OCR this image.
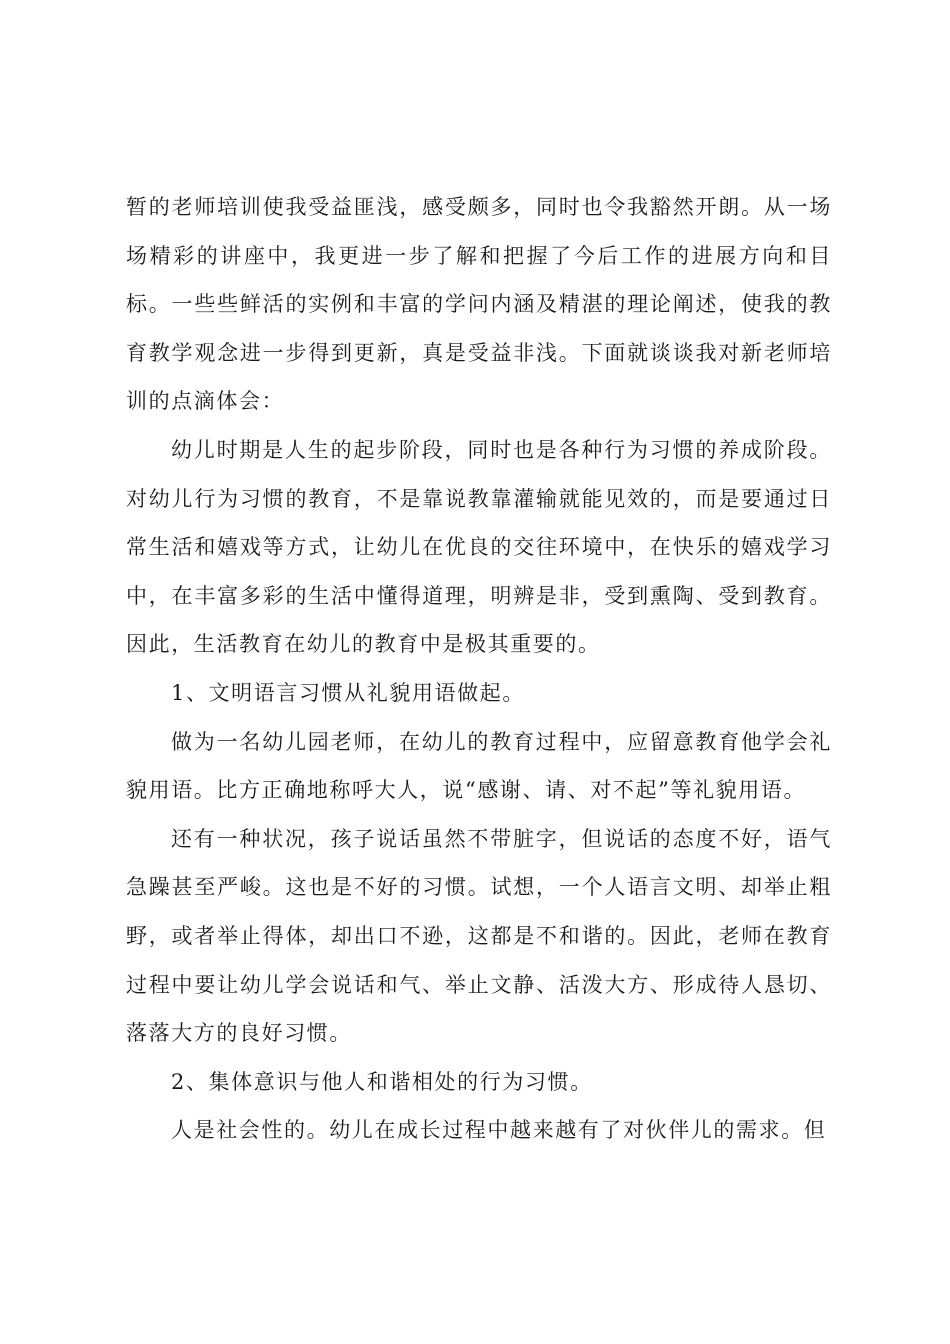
暂的老师培训使我受益匪浅，感受颇多，同时也令我豁然开朗。从一场场精彩的讲座中，我更进一步了解和把握了今后工作的进展方向和目标。一些些鲜活的实例和丰富的学问内涵及精湛的理论阐述，使我的教育教学观念进一步得到更新，真是受益非浅。下面就谈谈我对新老师培训的点滴体会：

幼儿时期是人生的起步阶段，同时也是各种行为习惯的养成阶段。对幼儿行为习惯的教育，不是靠说教靠灌输就能见效的，而是要通过日常生活和嬉戏等方式，让幼儿在优良的交往环境中，在快乐的嬉戏学习中，在丰富多彩的生活中懂得道理，明辨是非，受到熏陶、受到教育。因此，生活教育在幼儿的教育中是极其重要的。

1、文明语言习惯从礼貌用语做起。

做为一名幼儿园老师，在幼儿的教育过程中，应留意教育他学会礼貌用语。比方正确地称呼大人，说“感谢、请、对不起”等礼貌用语。

还有一种状况，孩子说话虽然不带脏字，但说话的态度不好，语气急躁甚至严峻。这也是不好的习惯。试想，一个人语言文明、却举止粗野，或者举止得体，却出口不逊，这都是不和谐的。因此，老师在教育过程中要让幼儿学会说话和气、举止文静、活泼大方、形成待人恳切、落落大方的良好习惯。

2、集体意识与他人和谐相处的行为习惯。

人是社会性的。幼儿在成长过程中越来越有了对伙伴儿的需求。但
